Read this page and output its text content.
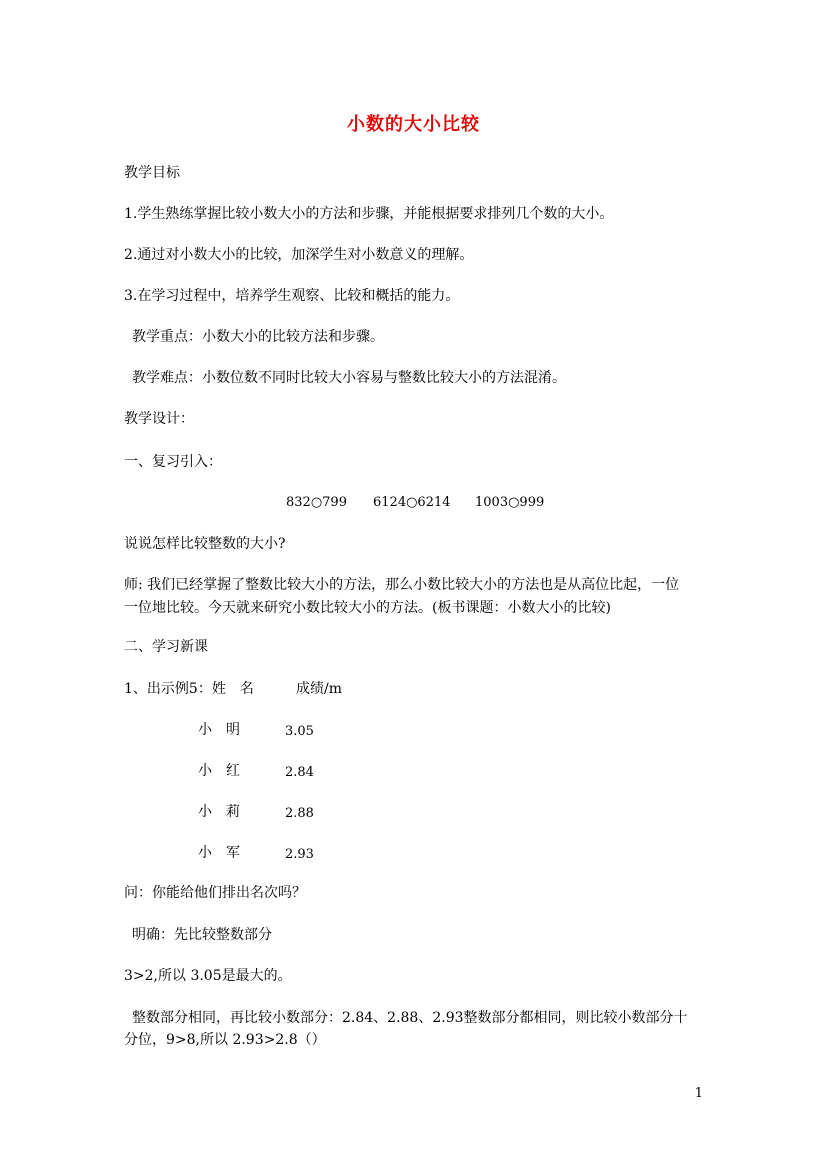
小数的大小比较
教学目标
1.学生熟练掌握比较小数大小的方法和步骤，并能根据要求排列几个数的大小。
2.通过对小数大小的比较，加深学生对小数意义的理解。
3.在学习过程中，培养学生观察、比较和概括的能力。
教学重点：小数大小的比较方法和步骤。
教学难点：小数位数不同时比较大小容易与整数比较大小的方法混淆。
教学设计：
一、复习引入：
832○799 6124○6214 1003○999
说说怎样比较整数的大小?
师: 我们已经掌握了整数比较大小的方法，那么小数比较大小的方法也是从高位比起，一位
一位地比较。今天就来研究小数比较大小的方法。(板书课题：小数大小的比较)
二、学习新课
1、出示例5：姓　名	成绩/m
小　明	3.05
小　红	2.84
小　莉	2.88
小　军	2.93
问：你能给他们排出名次吗？
明确：先比较整数部分
3>2,所以 3.05是最大的。
整数部分相同，再比较小数部分：2.84、2.88、2.93整数部分都相同，则比较小数部分十
分位，9>8,所以 2.93>2.8（）
1
